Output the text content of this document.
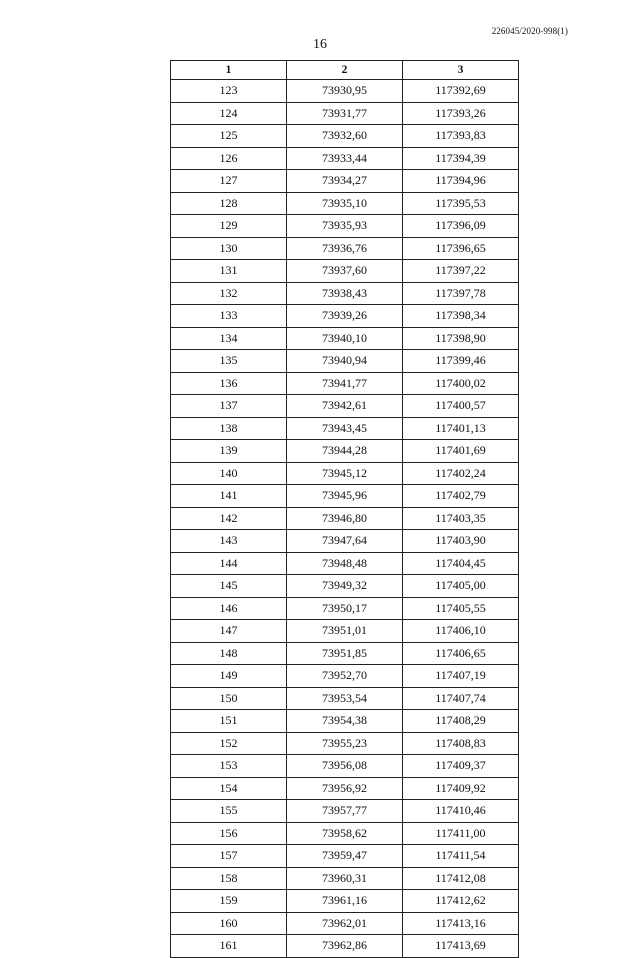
226045/2020-998(1)
16
1	2	3
123	73930,95	117392,69
124	73931,77	117393,26
125	73932,60	117393,83
126	73933,44	117394,39
127	73934,27	117394,96
128	73935,10	117395,53
129	73935,93	117396,09
130	73936,76	117396,65
131	73937,60	117397,22
132	73938,43	117397,78
133	73939,26	117398,34
134	73940,10	117398,90
135	73940,94	117399,46
136	73941,77	117400,02
137	73942,61	117400,57
138	73943,45	117401,13
139	73944,28	117401,69
140	73945,12	117402,24
141	73945,96	117402,79
142	73946,80	117403,35
143	73947,64	117403,90
144	73948,48	117404,45
145	73949,32	117405,00
146	73950,17	117405,55
147	73951,01	117406,10
148	73951,85	117406,65
149	73952,70	117407,19
150	73953,54	117407,74
151	73954,38	117408,29
152	73955,23	117408,83
153	73956,08	117409,37
154	73956,92	117409,92
155	73957,77	117410,46
156	73958,62	117411,00
157	73959,47	117411,54
158	73960,31	117412,08
159	73961,16	117412,62
160	73962,01	117413,16
161	73962,86	117413,69
